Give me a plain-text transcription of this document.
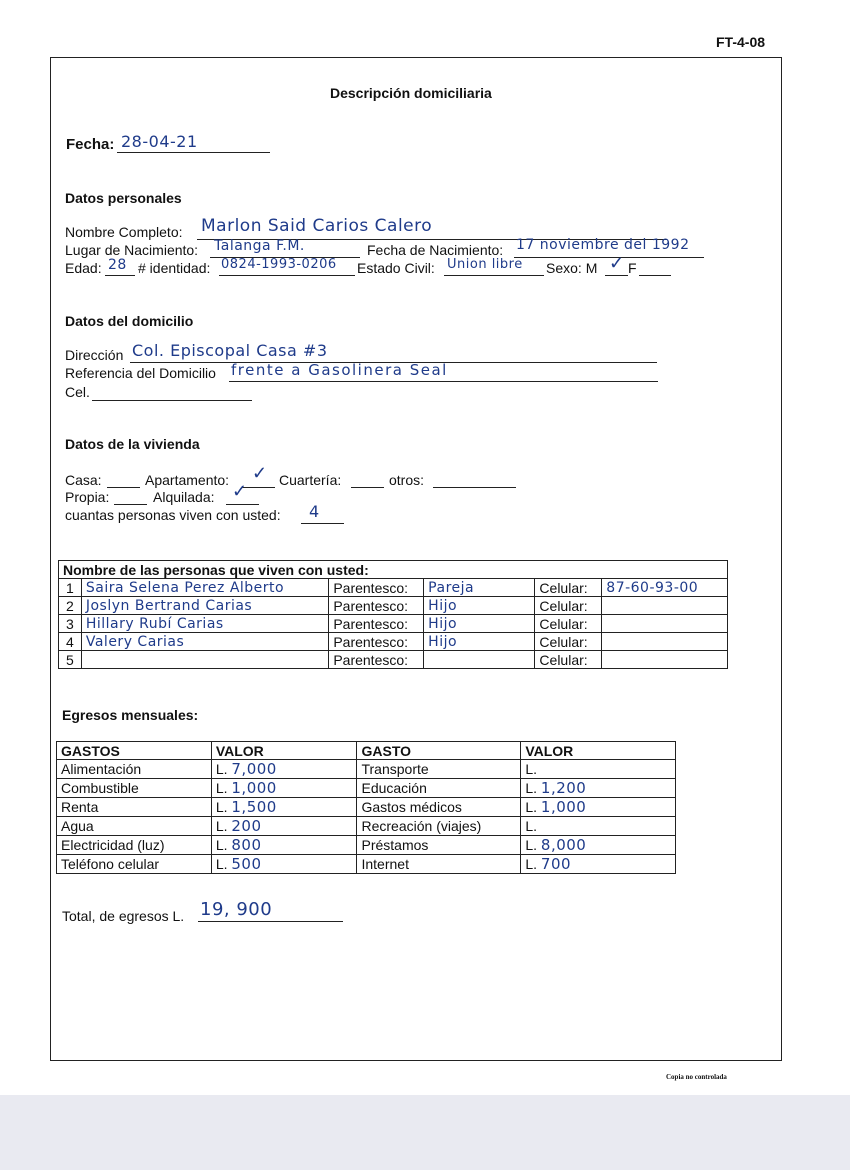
FT-4-08
Descripción domiciliaria
Fecha: 28-04-21
Datos personales
Nombre Completo: Marlon Said Carios Calero
Lugar de Nacimiento: Talanga F.M.	Fecha de Nacimiento: 17 noviembre del 1992
Edad: 28 # identidad: 0824-1993-0206 Estado Civil: Union libre Sexo: M ✓ F
Datos del domicilio
Dirección Col. Episcopal Casa #3
Referencia del Domicilio frente a Gasolinera Seal
Cel.
Datos de la vivienda
Casa:	Apartamento: ✓ Cuartería:	otros:
Propia:	Alquilada: ✓
cuantas personas viven con usted: 4
Nombre de las personas que viven con usted:					
1	Saira Selena Perez Alberto	Parentesco:	Pareja	Celular:	87-60-93-00
2	Joslyn Bertrand Carias	Parentesco:	Hijo	Celular:	
3	Hillary Rubí Carias	Parentesco:	Hijo	Celular:	
4	Valery Carias	Parentesco:	Hijo	Celular:	
5		Parentesco:		Celular:	
Egresos mensuales:
GASTOS	VALOR	GASTO	VALOR
Alimentación	L. 7,000	Transporte	L.
Combustible	L. 1,000	Educación	L. 1,200
Renta	L. 1,500	Gastos médicos	L. 1,000
Agua	L. 200	Recreación (viajes)	L.
Electricidad (luz)	L. 800	Préstamos	L. 8,000
Teléfono celular	L. 500	Internet	L. 700
Total, de egresos L. 19, 900
Copia no controlada
